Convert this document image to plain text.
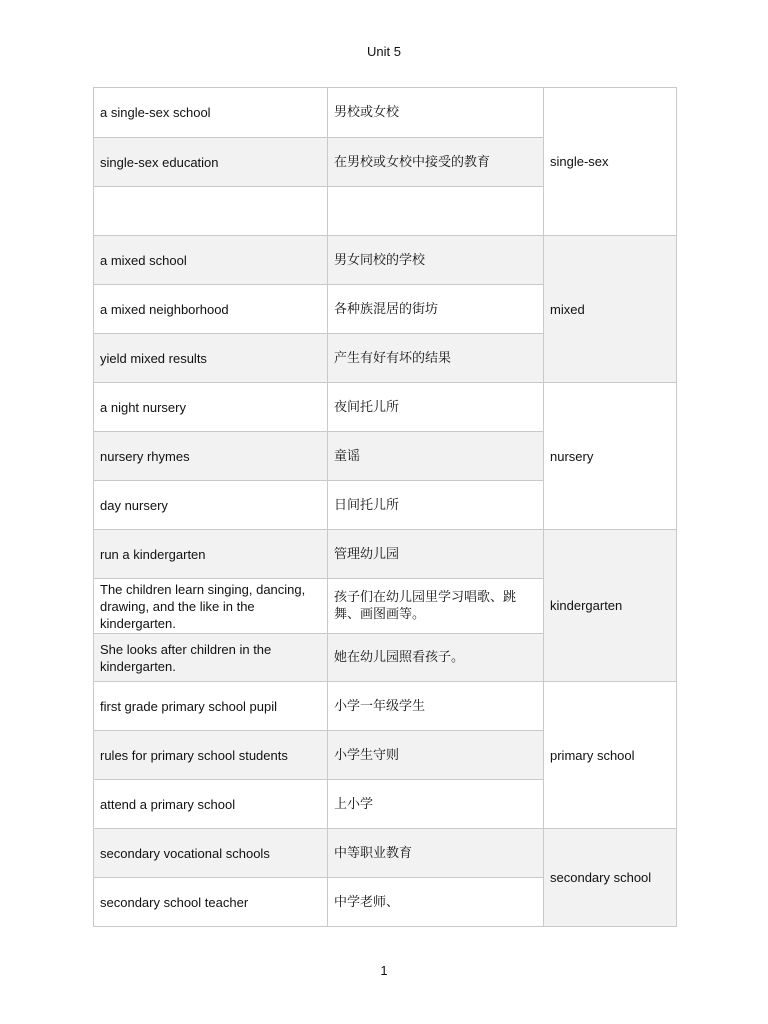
Unit 5
a single-sex school	男校或女校	single-sex
single-sex education	在男校或女校中接受的教育	

a mixed school	男女同校的学校	mixed
a mixed neighborhood	各种族混居的街坊	
yield mixed results	产生有好有坏的结果	
a night nursery	夜间托儿所	nursery
nursery rhymes	童谣	
day nursery	日间托儿所	
run a kindergarten	管理幼儿园	kindergarten
The children learn singing, dancing, drawing, and the like in the kindergarten.	孩子们在幼儿园里学习唱歌、跳舞、画图画等。	
She looks after children in the kindergarten.	她在幼儿园照看孩子。	
first grade primary school pupil	小学一年级学生	primary school
rules for primary school students	小学生守则	
attend a primary school	上小学	
secondary vocational schools	中等职业教育	secondary school
secondary school teacher	中学老师、	
1
